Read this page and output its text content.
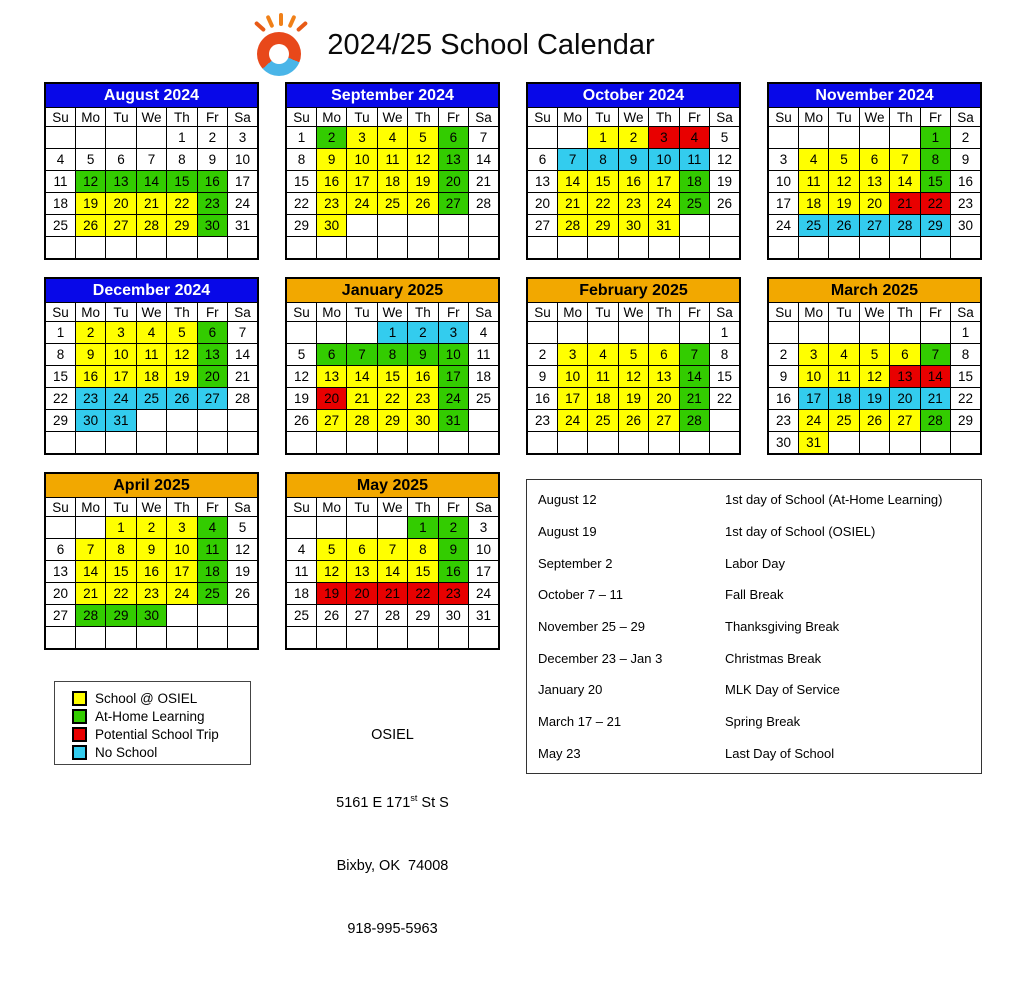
2024/25 School Calendar
August 2024						
Su	Mo	Tu	We	Th	Fr	Sa
				1	2	3
4	5	6	7	8	9	10
11	12	13	14	15	16	17
18	19	20	21	22	23	24
25	26	27	28	29	30	31

September 2024						
Su	Mo	Tu	We	Th	Fr	Sa
1	2	3	4	5	6	7
8	9	10	11	12	13	14
15	16	17	18	19	20	21
22	23	24	25	26	27	28
29	30					

October 2024						
Su	Mo	Tu	We	Th	Fr	Sa
		1	2	3	4	5
6	7	8	9	10	11	12
13	14	15	16	17	18	19
20	21	22	23	24	25	26
27	28	29	30	31		

November 2024						
Su	Mo	Tu	We	Th	Fr	Sa
					1	2
3	4	5	6	7	8	9
10	11	12	13	14	15	16
17	18	19	20	21	22	23
24	25	26	27	28	29	30

December 2024						
Su	Mo	Tu	We	Th	Fr	Sa
1	2	3	4	5	6	7
8	9	10	11	12	13	14
15	16	17	18	19	20	21
22	23	24	25	26	27	28
29	30	31				

January 2025						
Su	Mo	Tu	We	Th	Fr	Sa
			1	2	3	4
5	6	7	8	9	10	11
12	13	14	15	16	17	18
19	20	21	22	23	24	25
26	27	28	29	30	31	

February 2025						
Su	Mo	Tu	We	Th	Fr	Sa
						1
2	3	4	5	6	7	8
9	10	11	12	13	14	15
16	17	18	19	20	21	22
23	24	25	26	27	28	

March 2025						
Su	Mo	Tu	We	Th	Fr	Sa
						1
2	3	4	5	6	7	8
9	10	11	12	13	14	15
16	17	18	19	20	21	22
23	24	25	26	27	28	29
30	31					
April 2025						
Su	Mo	Tu	We	Th	Fr	Sa
		1	2	3	4	5
6	7	8	9	10	11	12
13	14	15	16	17	18	19
20	21	22	23	24	25	26
27	28	29	30			

May 2025						
Su	Mo	Tu	We	Th	Fr	Sa
				1	2	3
4	5	6	7	8	9	10
11	12	13	14	15	16	17
18	19	20	21	22	23	24
25	26	27	28	29	30	31

August 12	1st day of School (At-Home Learning)
August 19	1st day of School (OSIEL)
September 2	Labor Day
October 7 – 11	Fall Break
November 25 – 29	Thanksgiving Break
December 23 – Jan 3	Christmas Break
January 20	MLK Day of Service
March 17 – 21	Spring Break
May 23	Last Day of School
School @ OSIEL
At-Home Learning
Potential School Trip
No School

OSIEL

5161 E 171st St S

Bixby, OK  74008

918-995-5963
